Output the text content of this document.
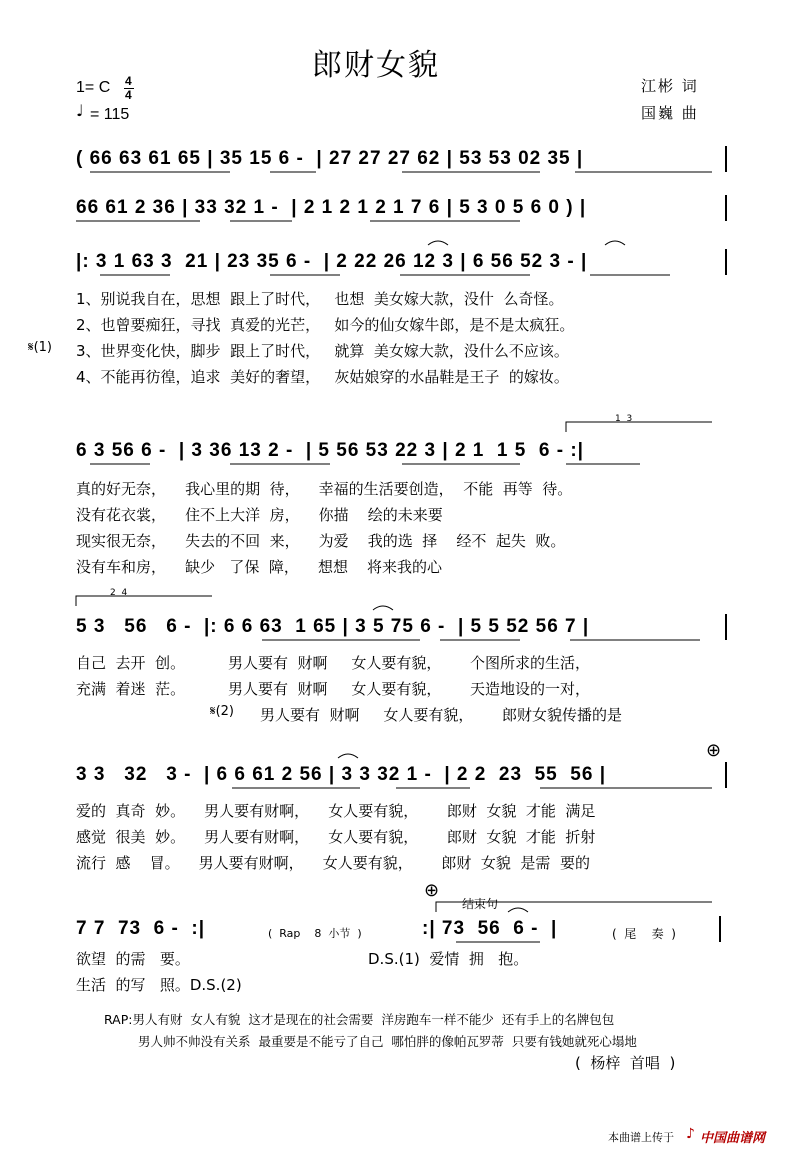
郎财女貌
1= C 4
4
♩ = 115
江彬 词
国巍 曲
( 66 63 61 65 | 35 15 6 -  | 27 27 27 62 | 53 53 02 35 |
66 61 2 36 | 33 32 1 -  | 2 1 2 1 2 1 7 6 | 5 3 0 5 6 0 ) |
|: 3 1 63 3  21 | 23 35 6 -  | 2 22 26 12 3 | 6 56 52 3 - |
1、别说我自在，思想  跟上了时代，   也想  美女嫁大款，没什  么奇怪。
2、也曾要痴狂，寻找  真爱的光芒，   如今的仙女嫁牛郎，是不是太疯狂。
𝄋(1) 3、世界变化快，脚步  跟上了时代，   就算  美女嫁大款，没什么不应该。
4、不能再彷徨，追求  美好的奢望，   灰姑娘穿的水晶鞋是王子  的嫁妆。
1  3
6 3 56 6 -  | 3 36 13 2 -  | 5 56 53 22 3 | 2 1  1 5  6 - :|
真的好无奈，    我心里的期  待，    幸福的生活要创造，  不能  再等  待。
没有花衣裳，    住不上大洋  房，    你描    绘的未来要
现实很无奈，    失去的不回  来，    为爱    我的选  择    经不  起失  败。
没有车和房，    缺少   了保  障，    想想    将来我的心
2  4
5 3   56   6 -  |: 6 6 63  1 65 | 3 5 75 6 -  | 5 5 52 56 7 |
自己  去开  创。         男人要有  财啊     女人要有貌，      个图所求的生活，
充满  着迷  茫。         男人要有  财啊     女人要有貌，      天造地设的一对，
𝄋(2) 男人要有  财啊     女人要有貌，      郎财女貌传播的是
⊕
3 3   32   3 -  | 6 6 61 2 56 | 3 3 32 1 -  | 2 2  23  55  56 |
爱的  真奇  妙。    男人要有财啊，    女人要有貌，      郎财  女貌  才能  满足
感觉  很美  妙。    男人要有财啊，    女人要有貌，      郎财  女貌  才能  折射
流行  感    冒。    男人要有财啊，    女人要有貌，      郎财  女貌  是需  要的
⊕
结束句
7 7  73  6 -  :|	(  Rap    8  小节  )	:| 73  56  6 -  |	(  尾    奏  )
欲望  的需   要。	D.S.(1)  爱情  拥   抱。
生活  的写   照。D.S.(2)
RAP:男人有财  女人有貌  这才是现在的社会需要  洋房跑车一样不能少  还有手上的名牌包包
男人帅不帅没有关系  最重要是不能亏了自己  哪怕胖的像帕瓦罗蒂  只要有钱她就死心塌地
(  杨梓  首唱  )
本曲谱上传于 ♪ 中国曲谱网
